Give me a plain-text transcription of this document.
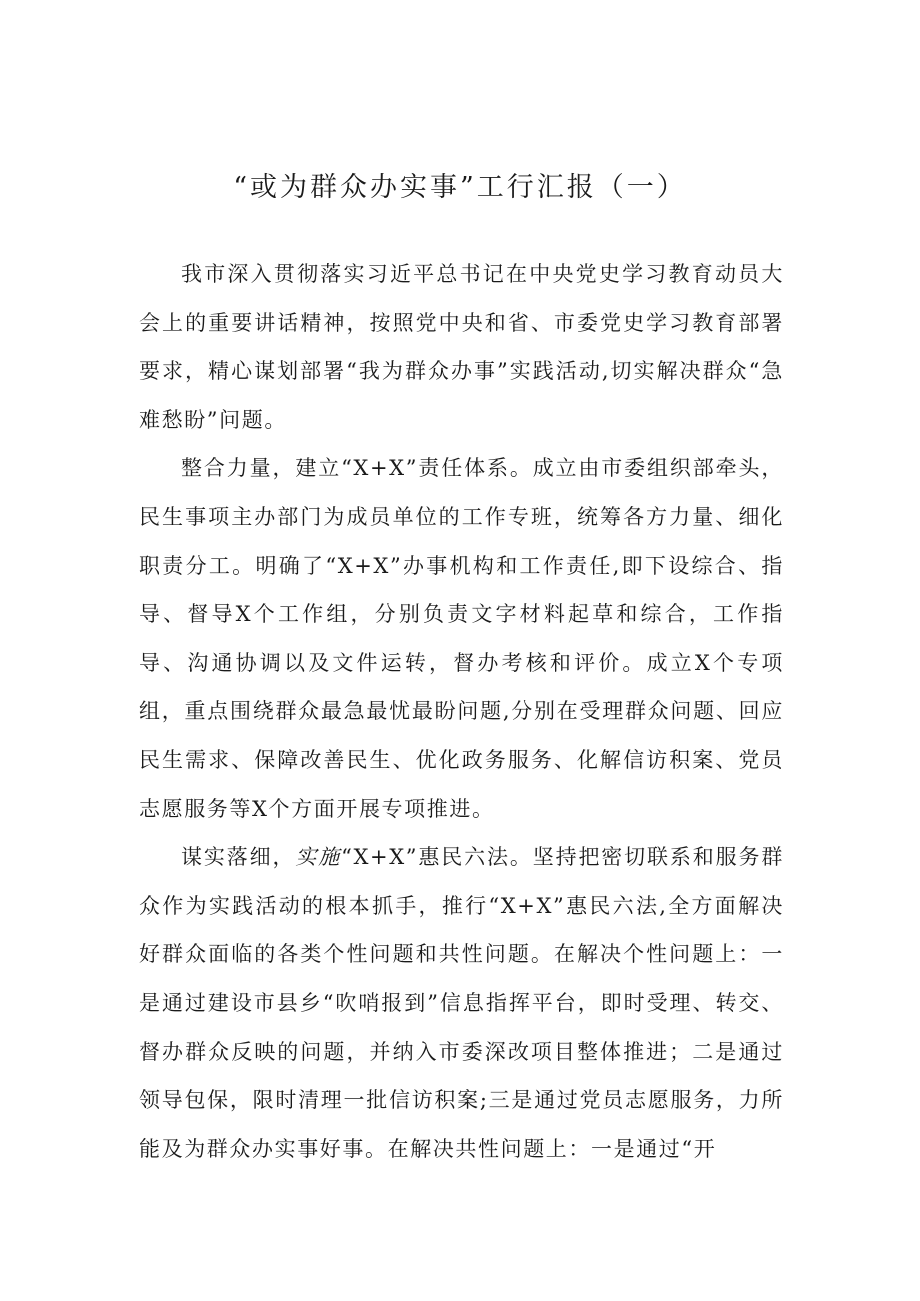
“或为群众办实事”工行汇报（一）

我市深入贯彻落实习近平总书记在中央党史学习教育动员大会上的重要讲话精神，按照党中央和省、市委党史学习教育部署要求，精心谋划部署“我为群众办事”实践活动,切实解决群众“急难愁盼”问题。

整合力量，建立“X+X”责任体系。成立由市委组织部牵头，民生事项主办部门为成员单位的工作专班，统筹各方力量、细化职责分工。明确了“X+X”办事机构和工作责任,即下设综合、指导、督导X个工作组，分别负责文字材料起草和综合，工作指导、沟通协调以及文件运转，督办考核和评价。成立X个专项组，重点围绕群众最急最忧最盼问题,分别在受理群众问题、回应民生需求、保障改善民生、优化政务服务、化解信访积案、党员志愿服务等X个方面开展专项推进。

谋实落细，实施“X+X”惠民六法。坚持把密切联系和服务群众作为实践活动的根本抓手，推行“X+X”惠民六法,全方面解决好群众面临的各类个性问题和共性问题。在解决个性问题上：一是通过建设市县乡“吹哨报到”信息指挥平台，即时受理、转交、督办群众反映的问题，并纳入市委深改项目整体推进；二是通过领导包保，限时清理一批信访积案;三是通过党员志愿服务，力所能及为群众办实事好事。在解决共性问题上：一是通过“开
